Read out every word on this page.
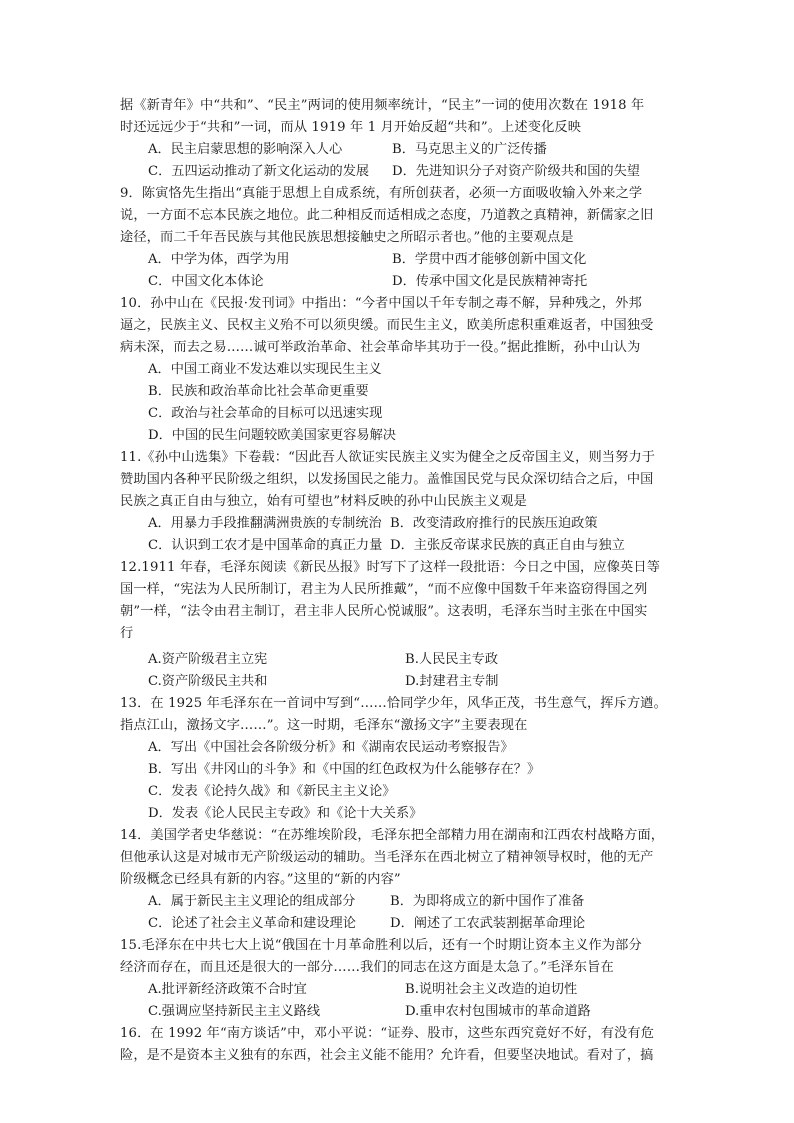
据《新青年》中“共和”、“民主”两词的使用频率统计，“民主”一词的使用次数在 1918 年
时还远远少于“共和”一词，而从 1919 年 1 月开始反超“共和”。上述变化反映
A．民主启蒙思想的影响深入人心	B．马克思主义的广泛传播
C．五四运动推动了新文化运动的发展 D．先进知识分子对资产阶级共和国的失望
9．陈寅恪先生指出“真能于思想上自成系统，有所创获者，必须一方面吸收输入外来之学
说，一方面不忘本民族之地位。此二种相反而适相成之态度，乃道教之真精神，新儒家之旧
途径，而二千年吾民族与其他民族思想接触史之所昭示者也。”他的主要观点是
A．中学为体，西学为用	B．学贯中西才能够创新中国文化
C．中国文化本体论	D．传承中国文化是民族精神寄托
10．孙中山在《民报·发刊词》中指出：“今者中国以千年专制之毒不解，异种残之，外邦
逼之，民族主义、民权主义殆不可以须臾缓。而民生主义，欧美所虑积重难返者，中国独受
病未深，而去之易……诚可举政治革命、社会革命毕其功于一役。”据此推断，孙中山认为
A．中国工商业不发达难以实现民生主义
B．民族和政治革命比社会革命更重要
C．政治与社会革命的目标可以迅速实现
D．中国的民生问题较欧美国家更容易解决
11.《孙中山选集》下卷载：“因此吾人欲证实民族主义实为健全之反帝国主义，则当努力于
赞助国内各种平民阶级之组织，以发扬国民之能力。盖惟国民党与民众深切结合之后，中国
民族之真正自由与独立，始有可望也”材料反映的孙中山民族主义观是
A．用暴力手段推翻满洲贵族的专制统治 B．改变清政府推行的民族压迫政策
C．认识到工农才是中国革命的真正力量 D．主张反帝谋求民族的真正自由与独立
12.1911 年春，毛泽东阅读《新民丛报》时写下了这样一段批语：今日之中国，应像英日等
国一样，“宪法为人民所制订，君主为人民所推戴”，“而不应像中国数千年来盗窃得国之列
朝”一样，“法令由君主制订，君主非人民所心悦诚服”。这表明，毛泽东当时主张在中国实
行
A.资产阶级君主立宪	B.人民民主专政
C.资产阶级民主共和	D.封建君主专制
13．在 1925 年毛泽东在一首词中写到“……恰同学少年，风华正茂，书生意气，挥斥方遒。
指点江山，激扬文字……”。这一时期，毛泽东“激扬文字”主要表现在
A．写出《中国社会各阶级分析》和《湖南农民运动考察报告》
B．写出《井冈山的斗争》和《中国的红色政权为什么能够存在？》
C．发表《论持久战》和《新民主主义论》
D．发表《论人民民主专政》和《论十大关系》
14．美国学者史华慈说：“在苏维埃阶段，毛泽东把全部精力用在湖南和江西农村战略方面，
但他承认这是对城市无产阶级运动的辅助。当毛泽东在西北树立了精神领导权时，他的无产
阶级概念已经具有新的内容。”这里的“新的内容”
A．属于新民主主义理论的组成部分	B．为即将成立的新中国作了准备
C．论述了社会主义革命和建设理论	D．阐述了工农武装割据革命理论
15.毛泽东在中共七大上说“俄国在十月革命胜利以后，还有一个时期让资本主义作为部分
经济而存在，而且还是很大的一部分……我们的同志在这方面是太急了。”毛泽东旨在
A.批评新经济政策不合时宜	B.说明社会主义改造的迫切性
C.强调应坚持新民主主义路线	D.重申农村包围城市的革命道路
16．在 1992 年“南方谈话”中，邓小平说：“证券、股市，这些东西究竟好不好，有没有危
险，是不是资本主义独有的东西，社会主义能不能用？允许看，但要坚决地试。看对了，搞
